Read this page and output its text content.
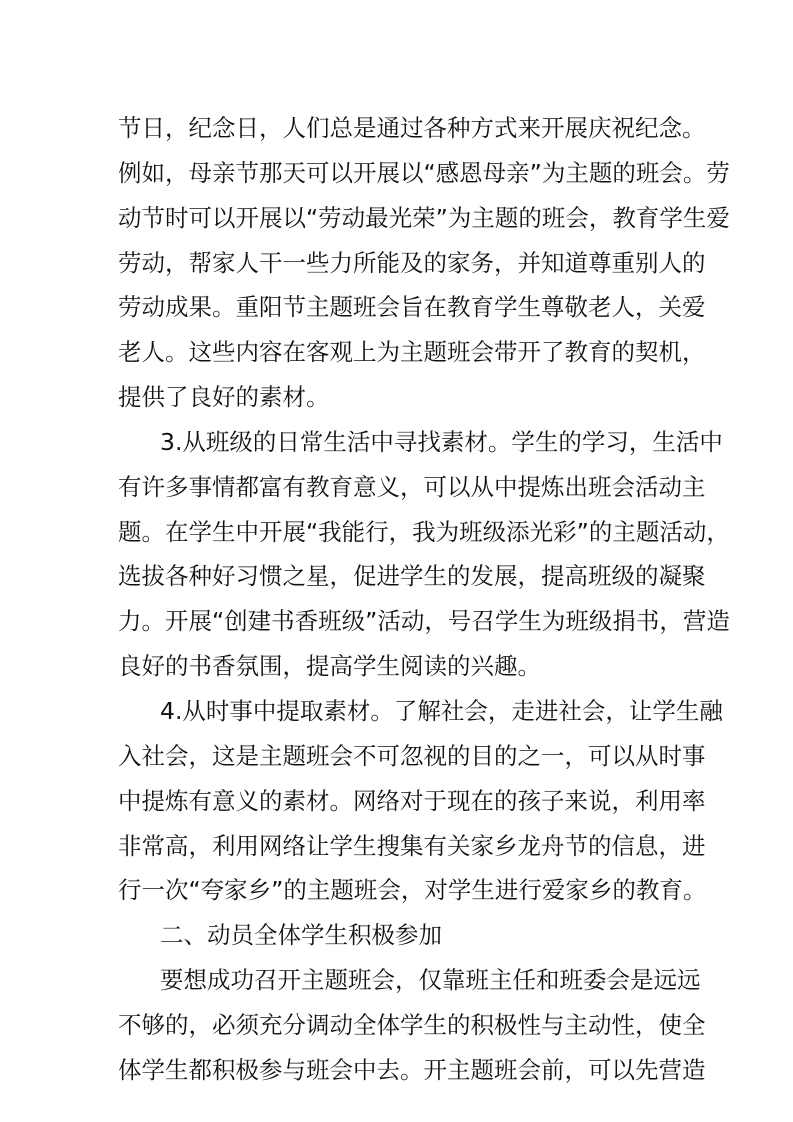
节日，纪念日，人们总是通过各种方式来开展庆祝纪念。
例如，母亲节那天可以开展以“感恩母亲”为主题的班会。劳
动节时可以开展以“劳动最光荣”为主题的班会，教育学生爱
劳动，帮家人干一些力所能及的家务，并知道尊重别人的
劳动成果。重阳节主题班会旨在教育学生尊敬老人，关爱
老人。这些内容在客观上为主题班会带开了教育的契机，
提供了良好的素材。
3.从班级的日常生活中寻找素材。学生的学习，生活中
有许多事情都富有教育意义，可以从中提炼出班会活动主
题。在学生中开展“我能行，我为班级添光彩”的主题活动，
选拔各种好习惯之星，促进学生的发展，提高班级的凝聚
力。开展“创建书香班级”活动，号召学生为班级捐书，营造
良好的书香氛围，提高学生阅读的兴趣。
4.从时事中提取素材。了解社会，走进社会，让学生融
入社会，这是主题班会不可忽视的目的之一，可以从时事
中提炼有意义的素材。网络对于现在的孩子来说，利用率
非常高，利用网络让学生搜集有关家乡龙舟节的信息，进
行一次“夸家乡”的主题班会，对学生进行爱家乡的教育。
二、动员全体学生积极参加
要想成功召开主题班会，仅靠班主任和班委会是远远
不够的，必须充分调动全体学生的积极性与主动性，使全
体学生都积极参与班会中去。开主题班会前，可以先营造
